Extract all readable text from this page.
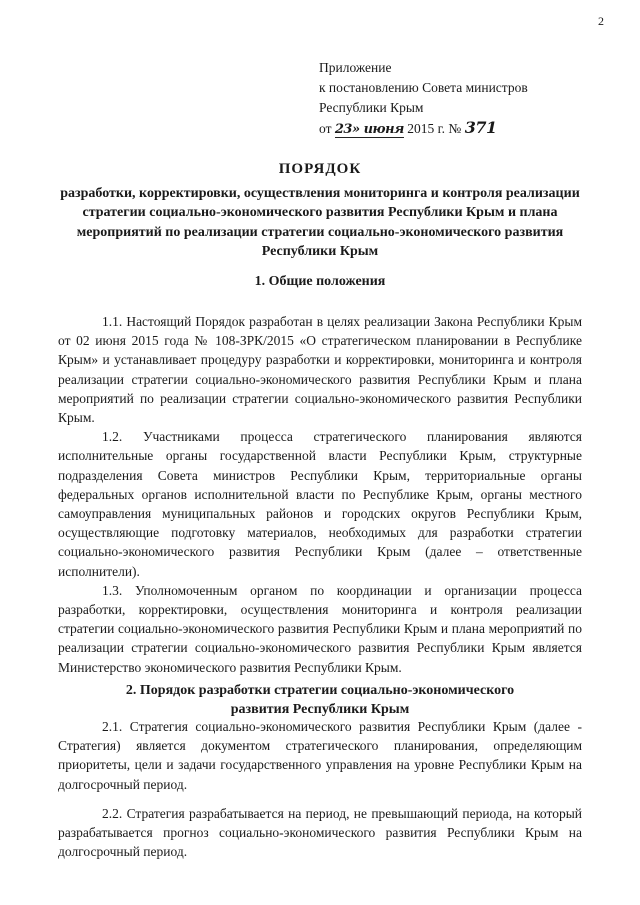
2
Приложение
к постановлению Совета министров
Республики Крым
от 23» июня 2015 г. № 371
ПОРЯДОК
разработки, корректировки, осуществления мониторинга и контроля реализации стратегии социально-экономического развития Республики Крым и плана мероприятий по реализации стратегии социально-экономического развития Республики Крым
1. Общие положения

1.1. Настоящий Порядок разработан в целях реализации Закона Республики Крым от 02 июня 2015 года № 108-ЗРК/2015 «О стратегическом планировании в Республике Крым» и устанавливает процедуру разработки и корректировки, мониторинга и контроля реализации стратегии социально-экономического развития Республики Крым и плана мероприятий по реализации стратегии социально-экономического развития Республики Крым.

1.2. Участниками процесса стратегического планирования являются исполнительные органы государственной власти Республики Крым, структурные подразделения Совета министров Республики Крым, территориальные органы федеральных органов исполнительной власти по Республике Крым, органы местного самоуправления муниципальных районов и городских округов Республики Крым, осуществляющие подготовку материалов, необходимых для разработки стратегии социально-экономического развития Республики Крым (далее – ответственные исполнители).

1.3. Уполномоченным органом по координации и организации процесса разработки, корректировки, осуществления мониторинга и контроля реализации стратегии социально-экономического развития Республики Крым и плана мероприятий по реализации стратегии социально-экономического развития Республики Крым является Министерство экономического развития Республики Крым.

2. Порядок разработки стратегии социально-экономического
развития Республики Крым

2.1. Стратегия социально-экономического развития Республики Крым (далее - Стратегия) является документом стратегического планирования, определяющим приоритеты, цели и задачи государственного управления на уровне Республики Крым на долгосрочный период.

2.2. Стратегия разрабатывается на период, не превышающий периода, на который разрабатывается прогноз социально-экономического развития Республики Крым на долгосрочный период.
